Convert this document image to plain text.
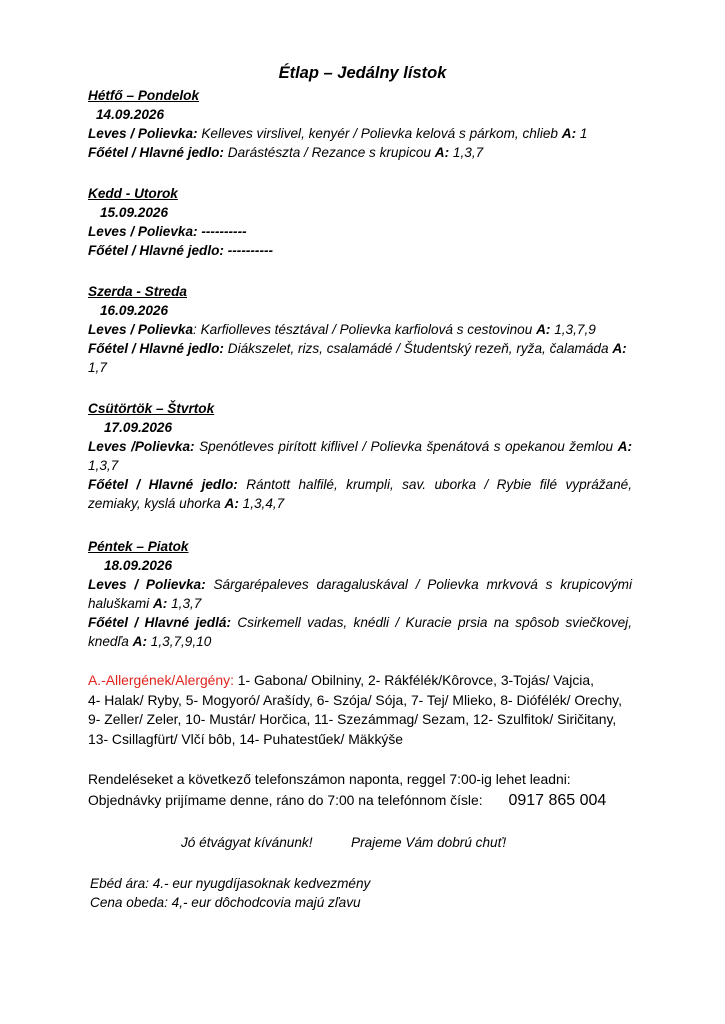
Étlap – Jedálny lístok
Hétfő – Pondelok
14.09.2026
Leves / Polievka: Kelleves virslivel, kenyér / Polievka kelová s párkom, chlieb A: 1
Főétel / Hlavné jedlo: Darástészta / Rezance s krupicou A: 1,3,7
Kedd - Utorok
15.09.2026
Leves / Polievka: ----------
Főétel / Hlavné jedlo: ----------
Szerda - Streda
16.09.2026
Leves / Polievka: Karfiolleves tésztával / Polievka karfiolová s cestovinou A: 1,3,7,9
Főétel / Hlavné jedlo: Diákszelet, rizs, csalamádé / Študentský rezeň, ryža, čalamáda A: 1,7
Csütörtök – Štvrtok
17.09.2026
Leves /Polievka: Spenótleves pirított kiflivel / Polievka špenátová s opekanou žemlou A: 1,3,7
Főétel / Hlavné jedlo: Rántott halfilé, krumpli, sav. uborka / Rybie filé vyprážané, zemiaky, kyslá uhorka A: 1,3,4,7
Péntek – Piatok
18.09.2026
Leves / Polievka: Sárgarépaleves daragaluskával / Polievka mrkvová s krupicovými haluškami A: 1,3,7
Főétel / Hlavné jedlá: Csirkemell vadas, knédli / Kuracie prsia na spôsob sviečkovej, knedľa A: 1,3,7,9,10
A.-Allergének/Alergény: 1- Gabona/ Obilniny, 2- Rákfélék/Kôrovce, 3-Tojás/ Vajcia,
4- Halak/ Ryby, 5- Mogyoró/ Arašídy, 6- Szója/ Sója, 7- Tej/ Mlieko, 8- Diófélék/ Orechy,
9- Zeller/ Zeler, 10- Mustár/ Horčica, 11- Szezámmag/ Sezam, 12- Szulfitok/ Siričitany,
13- Csillagfürt/ Vlčí bôb, 14- Puhatestűek/ Mäkkýše
Rendeléseket a következő telefonszámon naponta, reggel 7:00-ig lehet leadni:
Objednávky prijímame denne, ráno do 7:00 na telefónnom čísle: 0917 865 004
Jó étvágyat kívánunk!	Prajeme Vám dobrú chuť!
Ebéd ára: 4.- eur nyugdíjasoknak kedvezmény
Cena obeda: 4,- eur dôchodcovia majú zľavu
